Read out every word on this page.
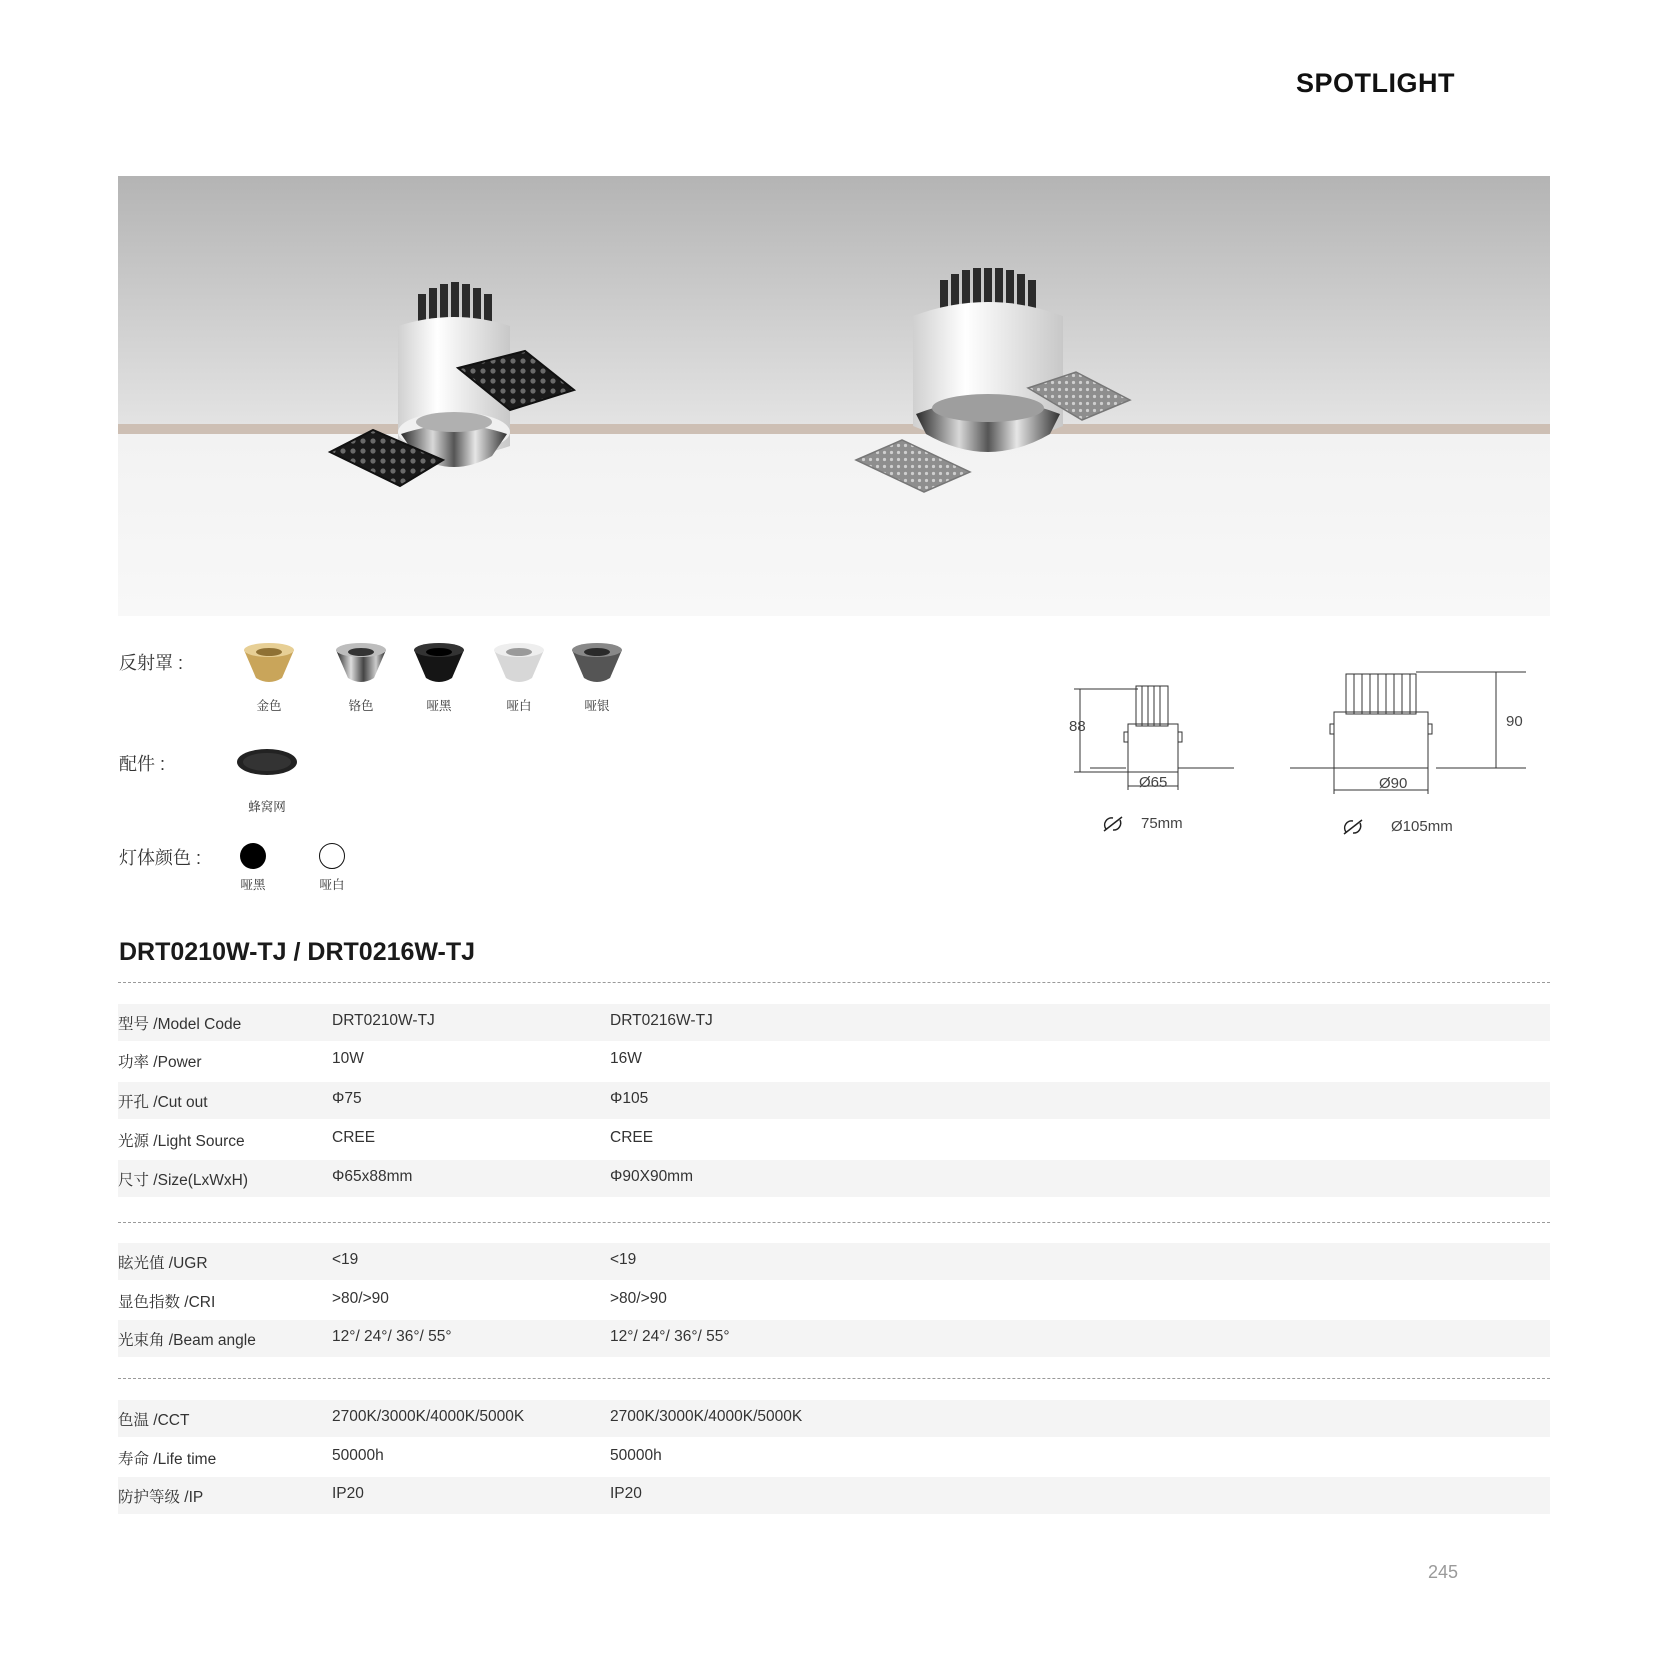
SPOTLIGHT
反射罩 :
金色	铬色	哑黑	哑白	哑银
配件 :
蜂窝网
灯体颜色 :
哑黑	哑白
88
Ø65
75mm
90
Ø90
Ø105mm
DRT0210W-TJ / DRT0216W-TJ
型号 /Model Code	DRT0210W-TJ	DRT0216W-TJ
功率 /Power	10W	16W
开孔 /Cut out	Φ75	Φ105
光源 /Light Source	CREE	CREE
尺寸 /Size(LxWxH)	Φ65x88mm	Φ90X90mm
眩光值 /UGR	<19	<19
显色指数 /CRI	>80/>90	>80/>90
光束角 /Beam angle	12°/ 24°/ 36°/ 55°	12°/ 24°/ 36°/ 55°
色温 /CCT	2700K/3000K/4000K/5000K	2700K/3000K/4000K/5000K
寿命 /Life time	50000h	50000h
防护等级 /IP	IP20	IP20
245
